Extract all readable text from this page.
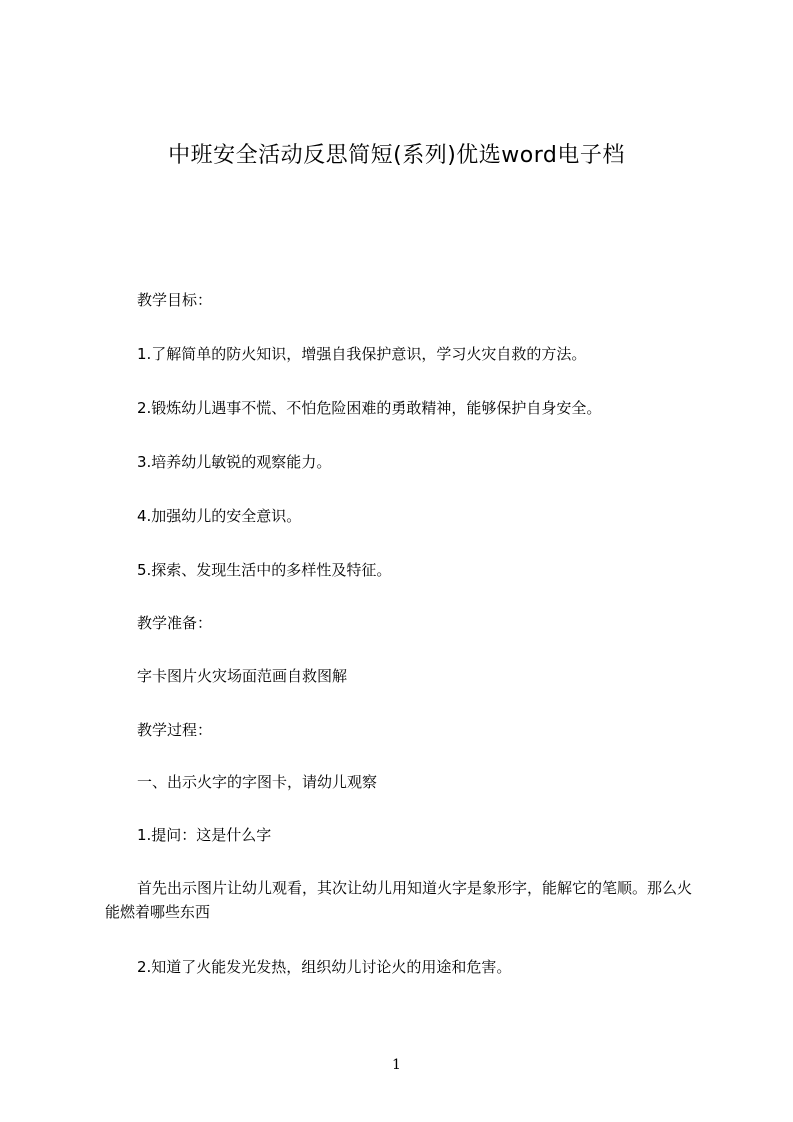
中班安全活动反思简短(系列)优选word电子档
教学目标：
1.了解简单的防火知识，增强自我保护意识，学习火灾自救的方法。
2.锻炼幼儿遇事不慌、不怕危险困难的勇敢精神，能够保护自身安全。
3.培养幼儿敏锐的观察能力。
4.加强幼儿的安全意识。
5.探索、发现生活中的多样性及特征。
教学准备：
字卡图片火灾场面范画自救图解
教学过程：
一、出示火字的字图卡，请幼儿观察
1.提问：这是什么字
首先出示图片让幼儿观看，其次让幼儿用知道火字是象形字，能解它的笔顺。那么火能燃着哪些东西
2.知道了火能发光发热，组织幼儿讨论火的用途和危害。
1
